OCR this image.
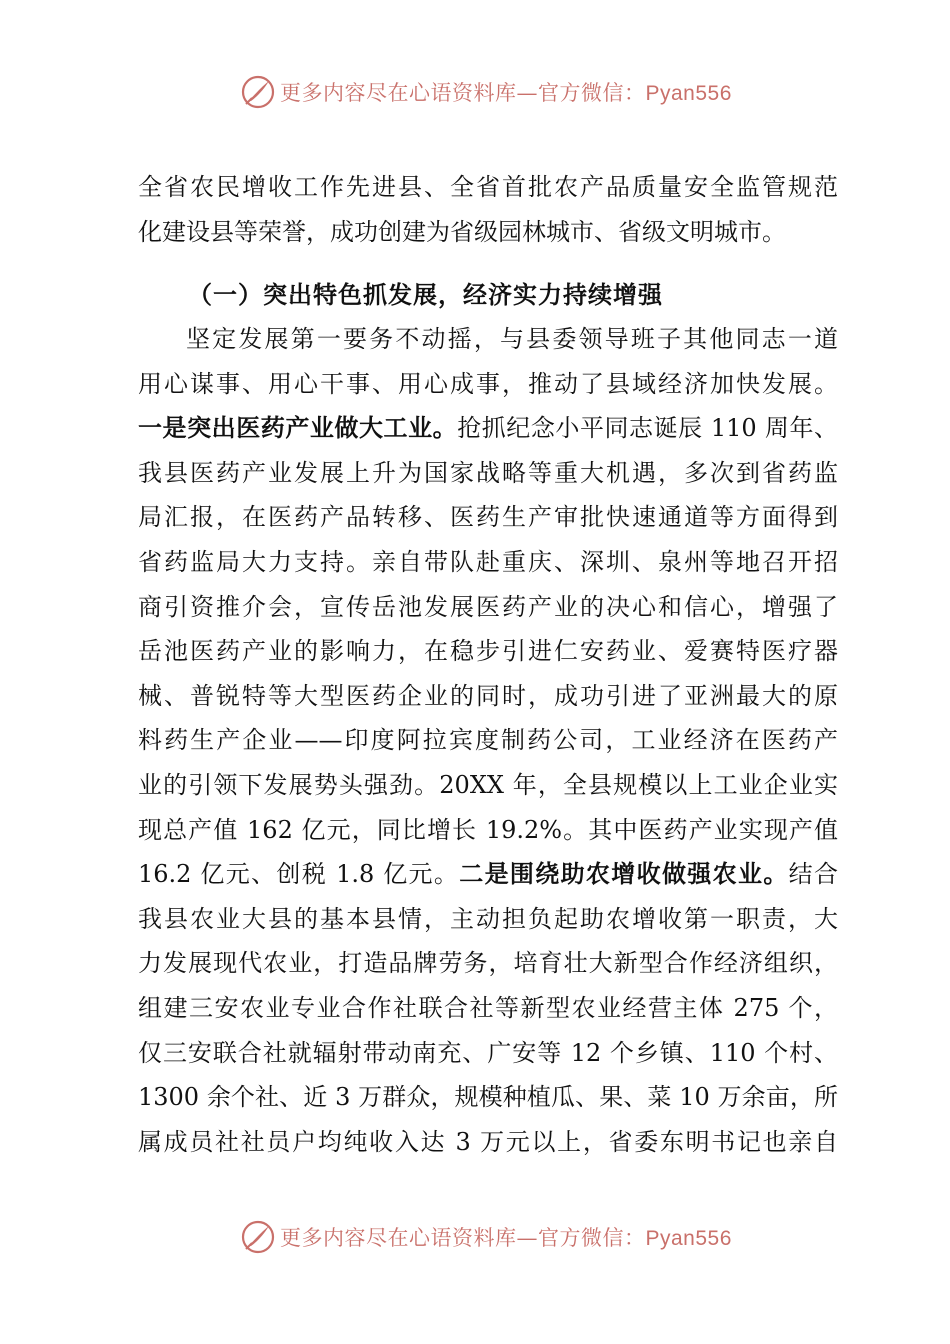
更多内容尽在心语资料库—官方微信：Pyan556
全省农民增收工作先进县、全省首批农产品质量安全监管规范
化建设县等荣誉，成功创建为省级园林城市、省级文明城市。
（一）突出特色抓发展，经济实力持续增强
坚定发展第一要务不动摇，与县委领导班子其他同志一道
用心谋事、用心干事、用心成事，推动了县域经济加快发展。
一是突出医药产业做大工业。抢抓纪念小平同志诞辰 110 周年、
我县医药产业发展上升为国家战略等重大机遇，多次到省药监
局汇报，在医药产品转移、医药生产审批快速通道等方面得到
省药监局大力支持。亲自带队赴重庆、深圳、泉州等地召开招
商引资推介会，宣传岳池发展医药产业的决心和信心，增强了
岳池医药产业的影响力，在稳步引进仁安药业、爱赛特医疗器
械、普锐特等大型医药企业的同时，成功引进了亚洲最大的原
料药生产企业——印度阿拉宾度制药公司，工业经济在医药产
业的引领下发展势头强劲。20XX 年，全县规模以上工业企业实
现总产值 162 亿元，同比增长 19.2%。其中医药产业实现产值
16.2 亿元、创税 1.8 亿元。二是围绕助农增收做强农业。结合
我县农业大县的基本县情，主动担负起助农增收第一职责，大
力发展现代农业，打造品牌劳务，培育壮大新型合作经济组织，
组建三安农业专业合作社联合社等新型农业经营主体 275 个，
仅三安联合社就辐射带动南充、广安等 12 个乡镇、110 个村、
1300 余个社、近 3 万群众，规模种植瓜、果、菜 10 万余亩，所
属成员社社员户均纯收入达 3 万元以上，省委东明书记也亲自
更多内容尽在心语资料库—官方微信：Pyan556
